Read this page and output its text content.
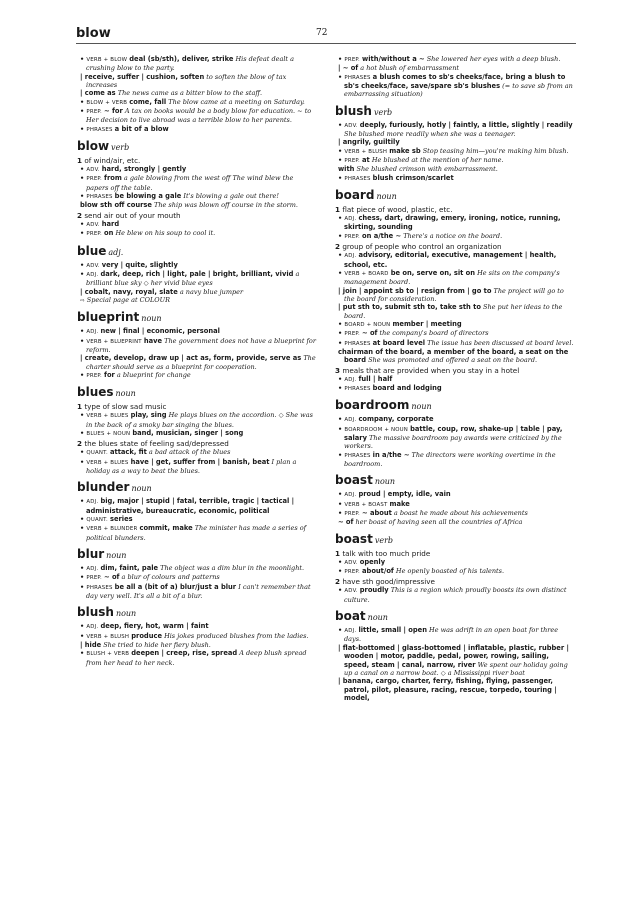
blow	72
• VERB + BLOW deal (sb/sth), deliver, strike His defeat dealt a crushing blow to the party.
| receive, suffer | cushion, soften to soften the blow of tax increases
| come as The news came as a bitter blow to the staff.
• BLOW + VERB come, fall The blow came at a meeting on Saturday.
• PREP. ~ for A tax on books would be a body blow for education. ~ to Her decision to live abroad was a terrible blow to her parents.
• PHRASES a bit of a blow
blow verb
1 of wind/air, etc.
• ADV. hard, strongly | gently
• PREP. from a gale blowing from the west off The wind blew the papers off the table.
• PHRASES be blowing a gale It's blowing a gale out there!
blow sth off course The ship was blown off course in the storm.
2 send air out of your mouth
• ADV. hard
• PREP. on He blew on his soup to cool it.
blue adj.
• ADV. very | quite, slightly
• ADJ. dark, deep, rich | light, pale | bright, brilliant, vivid a brilliant blue sky ◇ her vivid blue eyes
| cobalt, navy, royal, slate a navy blue jumper
⇨ Special page at COLOUR
blueprint noun
• ADJ. new | final | economic, personal
• VERB + BLUEPRINT have The government does not have a blueprint for reform.
| create, develop, draw up | act as, form, provide, serve as The charter should serve as a blueprint for cooperation.
• PREP. for a blueprint for change
blues noun
1 type of slow sad music
• VERB + BLUES play, sing He plays blues on the accordion. ◇ She was in the back of a smoky bar singing the blues.
• BLUES + NOUN band, musician, singer | song
2 the blues state of feeling sad/depressed
• QUANT. attack, fit a bad attack of the blues
• VERB + BLUES have | get, suffer from | banish, beat I plan a holiday as a way to beat the blues.
blunder noun
• ADJ. big, major | stupid | fatal, terrible, tragic | tactical | administrative, bureaucratic, economic, political
• QUANT. series
• VERB + BLUNDER commit, make The minister has made a series of political blunders.
blur noun
• ADJ. dim, faint, pale The object was a dim blur in the moonlight.
• PREP. ~ of a blur of colours and patterns
• PHRASES be all a (bit of a) blur/just a blur I can't remember that day very well. It's all a bit of a blur.
blush noun
• ADJ. deep, fiery, hot, warm | faint
• VERB + BLUSH produce His jokes produced blushes from the ladies.
| hide She tried to hide her fiery blush.
• BLUSH + VERB deepen | creep, rise, spread A deep blush spread from her head to her neck.
• PREP. with/without a ~ She lowered her eyes with a deep blush.
| ~ of a hot blush of embarrassment
• PHRASES a blush comes to sb's cheeks/face, bring a blush to sb's cheeks/face, save/spare sb's blushes (= to save sb from an embarrassing situation)
blush verb
• ADV. deeply, furiously, hotly | faintly, a little, slightly | readily She blushed more readily when she was a teenager.
| angrily, guiltily
• VERB + BLUSH make sb Stop teasing him—you're making him blush.
• PREP. at He blushed at the mention of her name.
with She blushed crimson with embarrassment.
• PHRASES blush crimson/scarlet
board noun
1 flat piece of wood, plastic, etc.
• ADJ. chess, dart, drawing, emery, ironing, notice, running, skirting, sounding
• PREP. on a/the ~ There's a notice on the board.
2 group of people who control an organization
• ADJ. advisory, editorial, executive, management | health, school, etc.
• VERB + BOARD be on, serve on, sit on He sits on the company's management board.
| join | appoint sb to | resign from | go to The project will go to the board for consideration.
| put sth to, submit sth to, take sth to She put her ideas to the board.
• BOARD + NOUN member | meeting
• PREP. ~ of the company's board of directors
• PHRASES at board level The issue has been discussed at board level.
chairman of the board, a member of the board, a seat on the board She was promoted and offered a seat on the board.
3 meals that are provided when you stay in a hotel
• ADJ. full | half
• PHRASES board and lodging
boardroom noun
• ADJ. company, corporate
• BOARDROOM + NOUN battle, coup, row, shake-up | table | pay, salary The massive boardroom pay awards were criticized by the workers.
• PHRASES in a/the ~ The directors were working overtime in the boardroom.
boast noun
• ADJ. proud | empty, idle, vain
• VERB + BOAST make
• PREP. ~ about a boast he made about his achievements
~ of her boast of having seen all the countries of Africa
boast verb
1 talk with too much pride
• ADV. openly
• PREP. about/of He openly boasted of his talents.
2 have sth good/impressive
• ADV. proudly This is a region which proudly boosts its own distinct culture.
boat noun
• ADJ. little, small | open He was adrift in an open boat for three days.
| flat-bottomed | glass-bottomed | inflatable, plastic, rubber | wooden | motor, paddle, pedal, power, rowing, sailing, speed, steam | canal, narrow, river We spent our holiday going up a canal on a narrow boat. ◇ a Mississippi river boat
| banana, cargo, charter, ferry, fishing, flying, passenger, patrol, pilot, pleasure, racing, rescue, torpedo, touring | model,
